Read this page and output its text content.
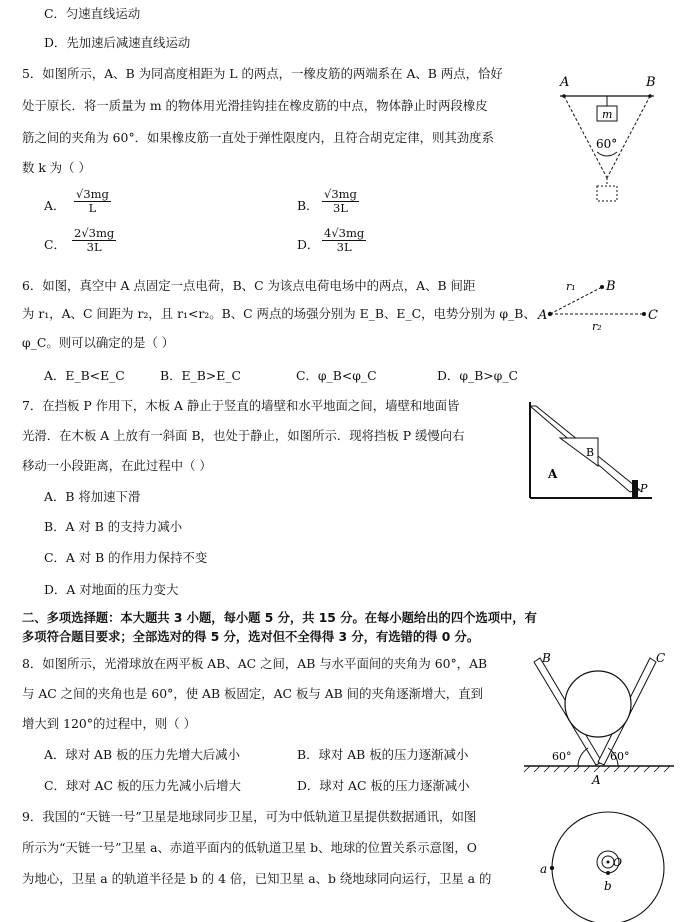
C．匀速直线运动
D．先加速后减速直线运动
5．如图所示，A、B 为同高度相距为 L 的两点，一橡皮筋的两端系在 A、B 两点，恰好
处于原长．将一质量为 m 的物体用光滑挂钩挂在橡皮筋的中点，物体静止时两段橡皮
筋之间的夹角为 60°．如果橡皮筋一直处于弹性限度内，且符合胡克定律，则其劲度系
数 k 为（ ）
A． $\frac{√3mg}{L}$	B． $\frac{√3mg}{3L}$
C． $\frac{2√3mg}{3L}$	D． $\frac{4√3mg}{3L}$
A	B
m
60°
6．如图，真空中 A 点固定一点电荷，B、C 为该点电荷电场中的两点，A、B 间距
为 r₁，A、C 间距为 r₂，且 r₁<r₂。B、C 两点的场强分别为 E_B、E_C，电势分别为 φ_B、
φ_C。则可以确定的是（ ）
A．E_B<E_C	B．E_B>E_C	C．φ_B<φ_C	D．φ_B>φ_C
A
B
C
r₁
r₂
7．在挡板 P 作用下，木板 A 静止于竖直的墙壁和水平地面之间，墙壁和地面皆
光滑．在木板 A 上放有一斜面 B，也处于静止，如图所示．现将挡板 P 缓慢向右
移动一小段距离，在此过程中（ ）
A．B 将加速下滑
B．A 对 B 的支持力减小
C．A 对 B 的作用力保持不变
D．A 对地面的压力变大
A
B
P
二、多项选择题：本大题共 3 小题，每小题 5 分，共 15 分。在每小题给出的四个选项中，有
多项符合题目要求；全部选对的得 5 分，选对但不全得得 3 分，有选错的得 0 分。
8．如图所示，光滑球放在两平板 AB、AC 之间，AB 与水平面间的夹角为 60°，AB
与 AC 之间的夹角也是 60°，使 AB 板固定，AC 板与 AB 间的夹角逐渐增大，直到
增大到 120°的过程中，则（ ）
A．球对 AB 板的压力先增大后减小	B．球对 AB 板的压力逐渐减小
C．球对 AC 板的压力先减小后增大	D．球对 AC 板的压力逐渐减小
B	C
A
60°	60°
9．我国的“天链一号”卫星是地球同步卫星，可为中低轨道卫星提供数据通讯，如图
所示为“天链一号”卫星 a、赤道平面内的低轨道卫星 b、地球的位置关系示意图，O
为地心，卫星 a 的轨道半径是 b 的 4 倍，已知卫星 a、b 绕地球同向运行，卫星 a 的
a
b
O
